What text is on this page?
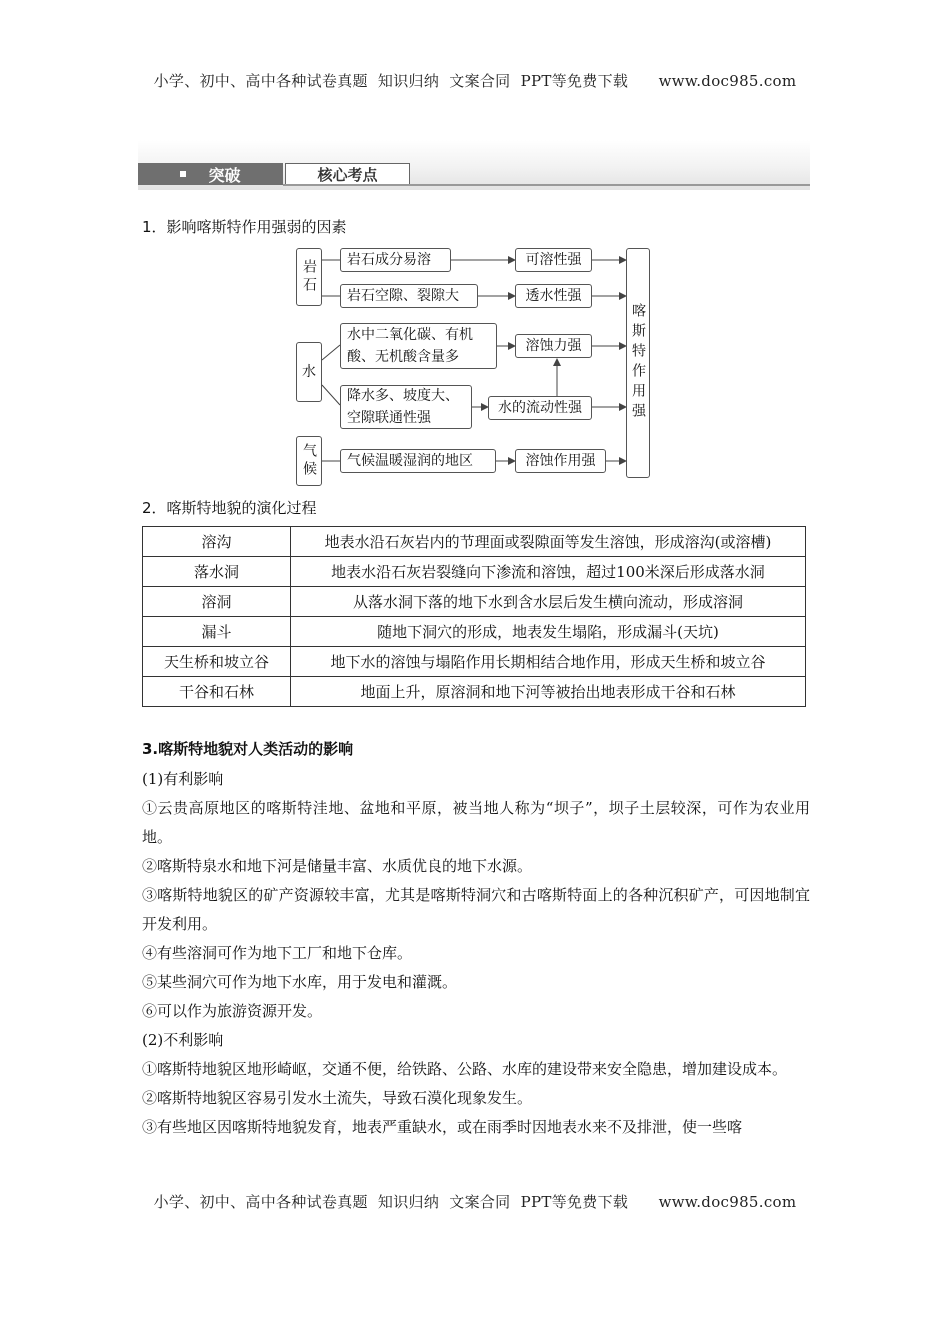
小学、初中、高中各种试卷真题  知识归纳  文案合同  PPT等免费下载      www.doc985.com
突破	核心考点
1．影响喀斯特作用强弱的因素
岩石
水
气候
岩石成分易溶
岩石空隙、裂隙大
水中二氧化碳、有机
酸、无机酸含量多
降水多、坡度大、
空隙联通性强
气候温暖湿润的地区
可溶性强
透水性强
溶蚀力强
水的流动性强
溶蚀作用强
喀斯特作用强
2．喀斯特地貌的演化过程
溶沟	地表水沿石灰岩内的节理面或裂隙面等发生溶蚀，形成溶沟(或溶槽)
落水洞	地表水沿石灰岩裂缝向下渗流和溶蚀，超过100米深后形成落水洞
溶洞	从落水洞下落的地下水到含水层后发生横向流动，形成溶洞
漏斗	随地下洞穴的形成，地表发生塌陷，形成漏斗(天坑)
天生桥和坡立谷	地下水的溶蚀与塌陷作用长期相结合地作用，形成天生桥和坡立谷
干谷和石林	地面上升，原溶洞和地下河等被抬出地表形成干谷和石林
3.喀斯特地貌对人类活动的影响
(1)有利影响
①云贵高原地区的喀斯特洼地、盆地和平原，被当地人称为“坝子”，坝子土层较深，可作为农业用地。
②喀斯特泉水和地下河是储量丰富、水质优良的地下水源。
③喀斯特地貌区的矿产资源较丰富，尤其是喀斯特洞穴和古喀斯特面上的各种沉积矿产，可因地制宜开发利用。
④有些溶洞可作为地下工厂和地下仓库。
⑤某些洞穴可作为地下水库，用于发电和灌溉。
⑥可以作为旅游资源开发。
(2)不利影响
①喀斯特地貌区地形崎岖，交通不便，给铁路、公路、水库的建设带来安全隐患，增加建设成本。
②喀斯特地貌区容易引发水土流失，导致石漠化现象发生。
③有些地区因喀斯特地貌发育，地表严重缺水，或在雨季时因地表水来不及排泄，使一些喀
小学、初中、高中各种试卷真题  知识归纳  文案合同  PPT等免费下载      www.doc985.com
